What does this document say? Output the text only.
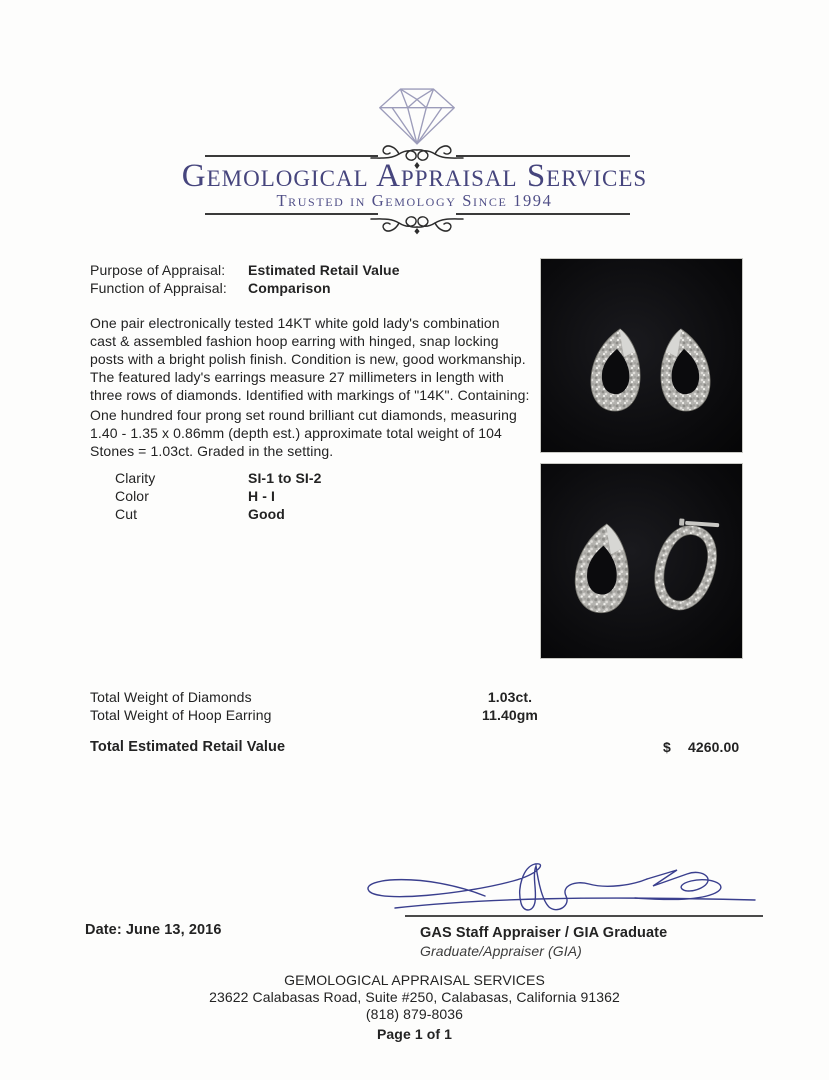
Gemological Appraisal Services
Trusted in Gemology Since 1994
Purpose of Appraisal: Estimated Retail Value
Function of Appraisal: Comparison
One pair electronically tested 14KT white gold lady's combination
cast & assembled fashion hoop earring with hinged, snap locking
posts with a bright polish finish. Condition is new, good workmanship.
The featured lady's earrings measure 27 millimeters in length with
three rows of diamonds. Identified with markings of "14K". Containing:
One hundred four prong set round brilliant cut diamonds, measuring
1.40 - 1.35 x 0.86mm (depth est.) approximate total weight of 104
Stones = 1.03ct. Graded in the setting.
Clarity	SI-1 to SI-2
Color	H - I
Cut	Good
Total Weight of Diamonds	1.03ct.
Total Weight of Hoop Earring	11.40gm
Total Estimated Retail Value	$ 4260.00
Date: June 13, 2016	GAS Staff Appraiser / GIA Graduate
Graduate/Appraiser (GIA)
GEMOLOGICAL APPRAISAL SERVICES
23622 Calabasas Road, Suite #250, Calabasas, California 91362
(818) 879-8036
Page 1 of 1
